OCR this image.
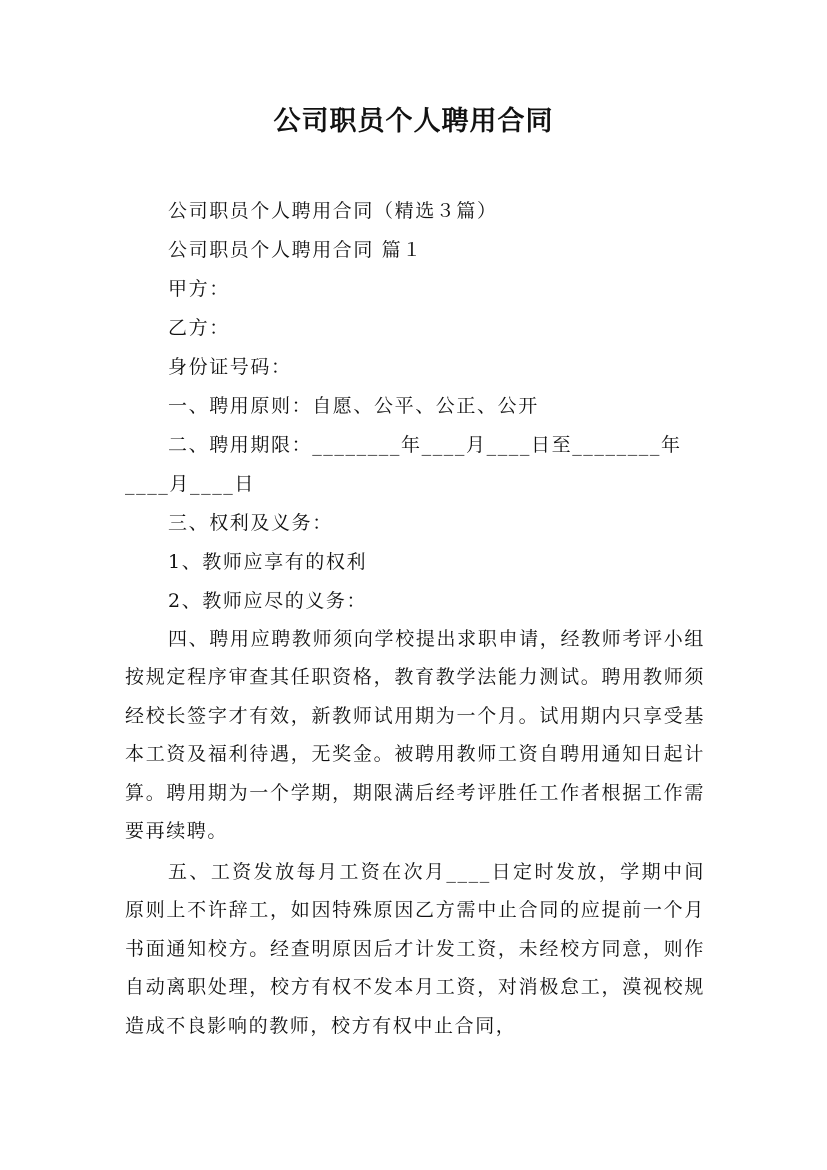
公司职员个人聘用合同
公司职员个人聘用合同（精选３篇）
公司职员个人聘用合同 篇１
甲方：
乙方：
身份证号码：
一、聘用原则：自愿、公平、公正、公开
二、聘用期限：________年____月____日至________年
____月____日
三、权利及义务：
1、教师应享有的权利
2、教师应尽的义务：
四、聘用应聘教师须向学校提出求职申请，经教师考评小组按规定程序审查其任职资格，教育教学法能力测试。聘用教师须经校长签字才有效，新教师试用期为一个月。试用期内只享受基本工资及福利待遇，无奖金。被聘用教师工资自聘用通知日起计算。聘用期为一个学期，期限满后经考评胜任工作者根据工作需要再续聘。
五、工资发放每月工资在次月____日定时发放，学期中间原则上不许辞工，如因特殊原因乙方需中止合同的应提前一个月书面通知校方。经查明原因后才计发工资，未经校方同意，则作自动离职处理，校方有权不发本月工资，对消极怠工，漠视校规造成不良影响的教师，校方有权中止合同，
